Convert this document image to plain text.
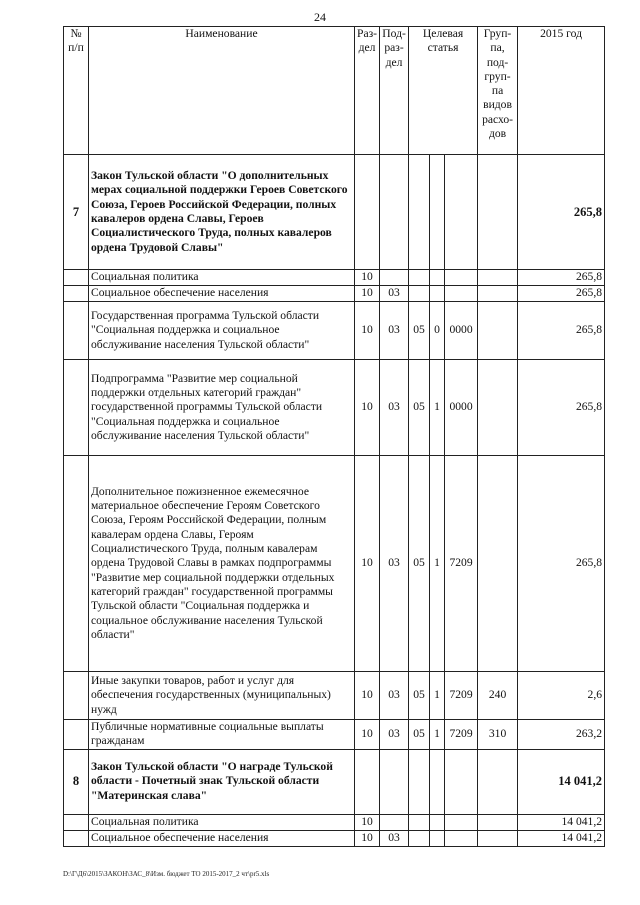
24
№ п/п	Наименование	Раз-дел	Под-раз-дел	Целевая статья			Груп-па, под-груп-па видов расхо-дов	2015 год
7	Закон Тульской области "О дополнительных мерах социальной поддержки Героев Советского Союза, Героев Российской Федерации, полных кавалеров ордена Славы, Героев Социалистического Труда, полных кавалеров ордена Трудовой Славы"							265,8
	Социальная политика	10						265,8
	Социальное обеспечение населения	10	03					265,8
	Государственная программа Тульской области "Социальная поддержка и социальное обслуживание населения Тульской области"	10	03	05	0	0000		265,8
	Подпрограмма "Развитие мер социальной поддержки отдельных категорий граждан" государственной программы Тульской области "Социальная поддержка и социальное обслуживание населения Тульской области"	10	03	05	1	0000		265,8
	Дополнительное пожизненное ежемесячное материальное обеспечение Героям Советского Союза, Героям Российской Федерации, полным кавалерам ордена Славы, Героям Социалистического Труда, полным кавалерам ордена Трудовой Славы в рамках подпрограммы "Развитие мер социальной поддержки отдельных категорий граждан" государственной программы Тульской области "Социальная поддержка и социальное обслуживание населения Тульской области"	10	03	05	1	7209		265,8
	Иные закупки товаров, работ и услуг для обеспечения государственных (муниципальных) нужд	10	03	05	1	7209	240	2,6
	Публичные нормативные социальные выплаты гражданам	10	03	05	1	7209	310	263,2
8	Закон Тульской области "О награде Тульской области - Почетный знак Тульской области "Материнская слава"							14 041,2
	Социальная политика	10						14 041,2
	Социальное обеспечение населения	10	03					14 041,2
D:\Г\Д6\2015\ЗАКОН\ЗАС_8\Изм. бюджет ТО 2015-2017_2 чт\pr5.xls
